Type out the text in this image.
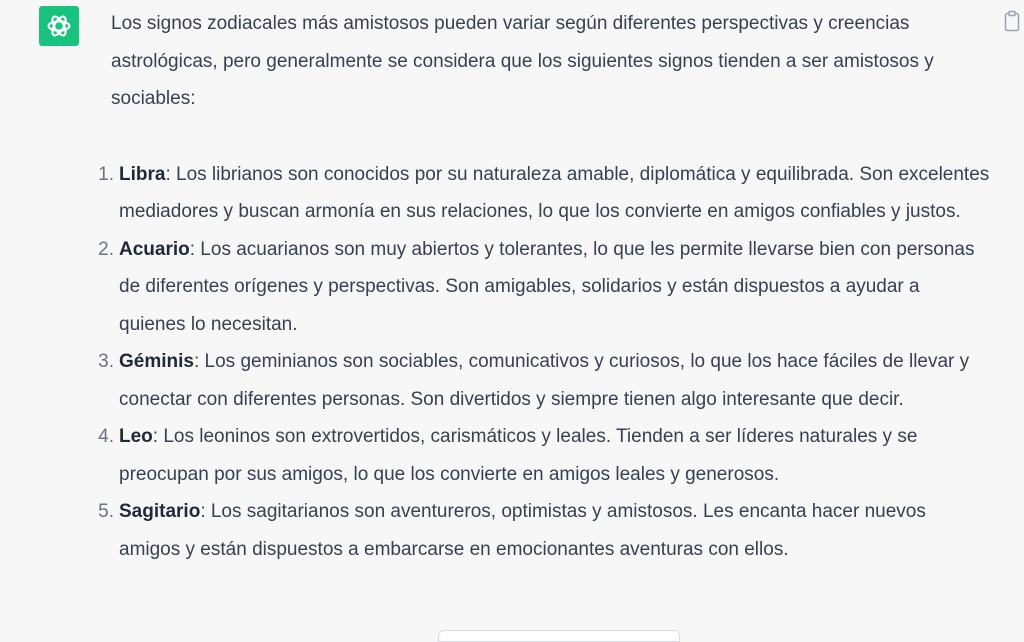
Los signos zodiacales más amistosos pueden variar según diferentes perspectivas y creencias astrológicas, pero generalmente se considera que los siguientes signos tienden a ser amistosos y sociables:

1. Libra: Los librianos son conocidos por su naturaleza amable, diplomática y equilibrada. Son excelentes mediadores y buscan armonía en sus relaciones, lo que los convierte en amigos confiables y justos.
2. Acuario: Los acuarianos son muy abiertos y tolerantes, lo que les permite llevarse bien con personas de diferentes orígenes y perspectivas. Son amigables, solidarios y están dispuestos a ayudar a quienes lo necesitan.
3. Géminis: Los geminianos son sociables, comunicativos y curiosos, lo que los hace fáciles de llevar y conectar con diferentes personas. Son divertidos y siempre tienen algo interesante que decir.
4. Leo: Los leoninos son extrovertidos, carismáticos y leales. Tienden a ser líderes naturales y se preocupan por sus amigos, lo que los convierte en amigos leales y generosos.
5. Sagitario: Los sagitarianos son aventureros, optimistas y amistosos. Les encanta hacer nuevos amigos y están dispuestos a embarcarse en emocionantes aventuras con ellos.
